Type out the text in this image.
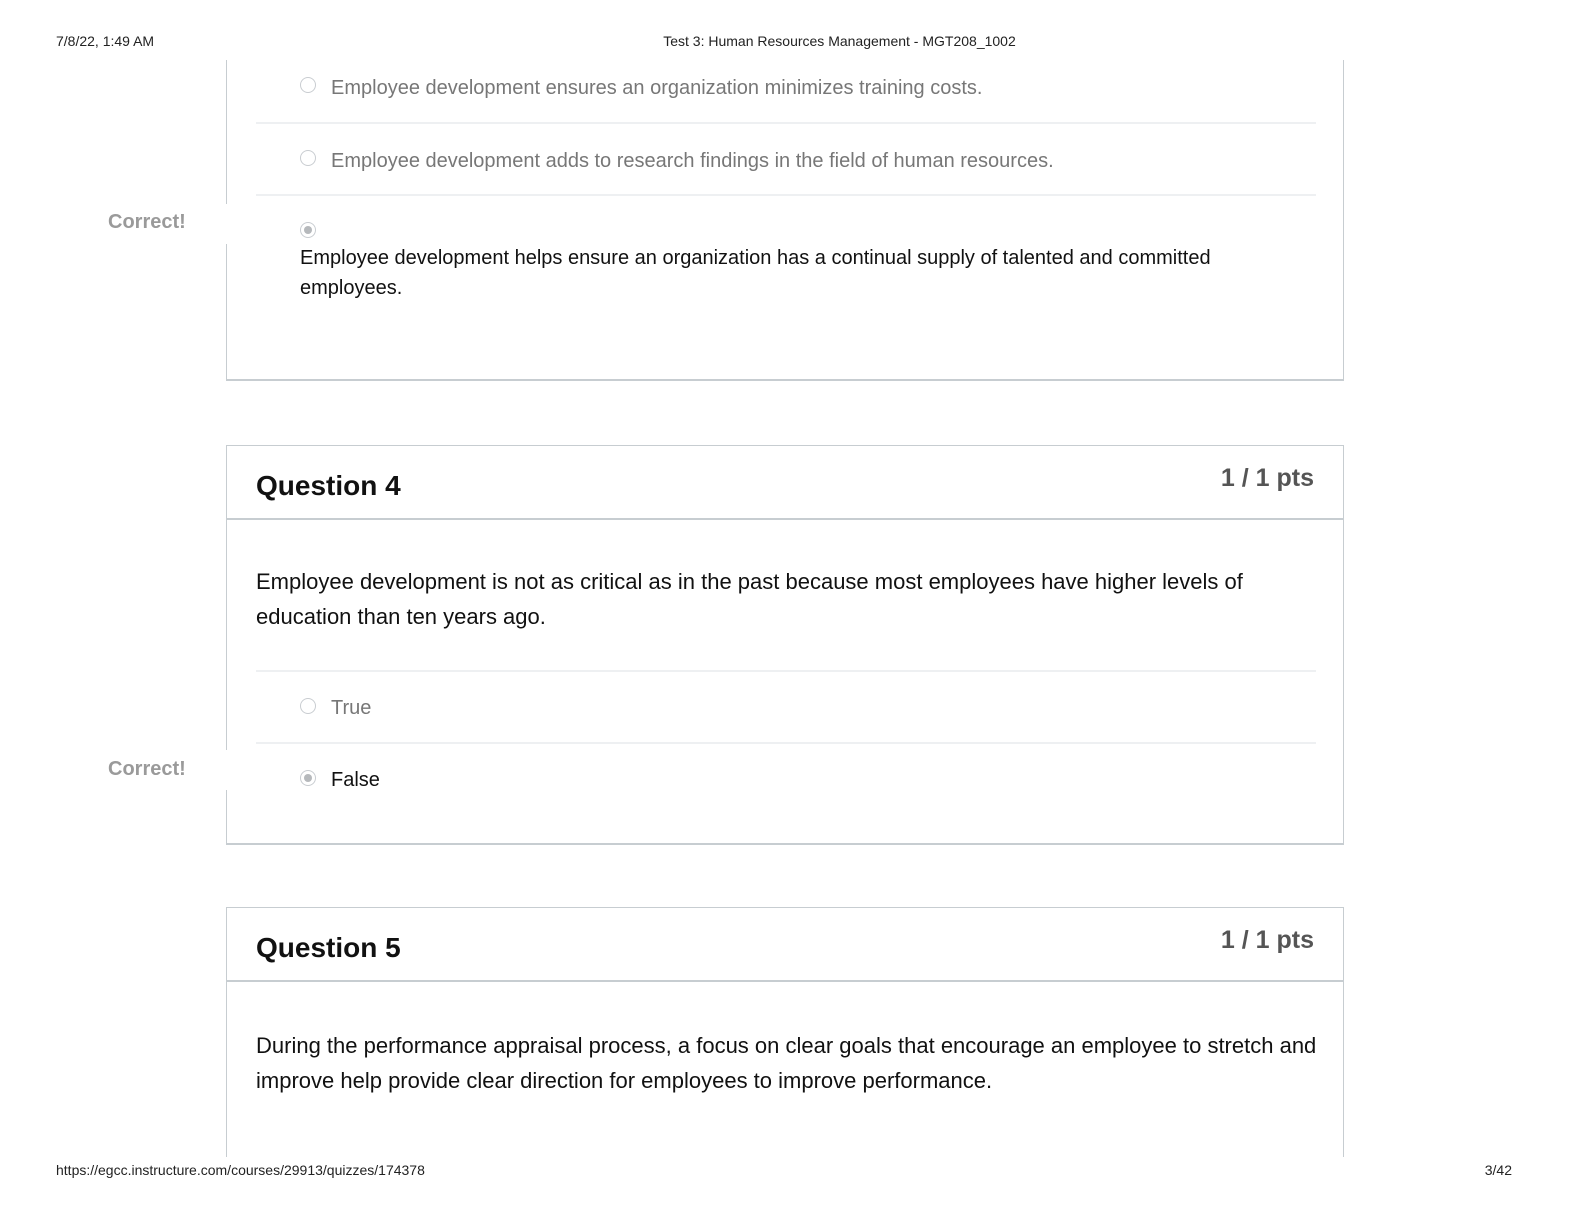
7/8/22, 1:49 AM	Test 3: Human Resources Management - MGT208_1002
Employee development ensures an organization minimizes training costs.
Employee development adds to research findings in the field of human resources.
Employee development helps ensure an organization has a continual supply of talented and committed employees.
Correct!
Question 4	1 / 1 pts
Employee development is not as critical as in the past because most employees have higher levels of education than ten years ago.
True
False
Correct!
Question 5	1 / 1 pts
During the performance appraisal process, a focus on clear goals that encourage an employee to stretch and improve help provide clear direction for employees to improve performance.
https://egcc.instructure.com/courses/29913/quizzes/174378	3/42
